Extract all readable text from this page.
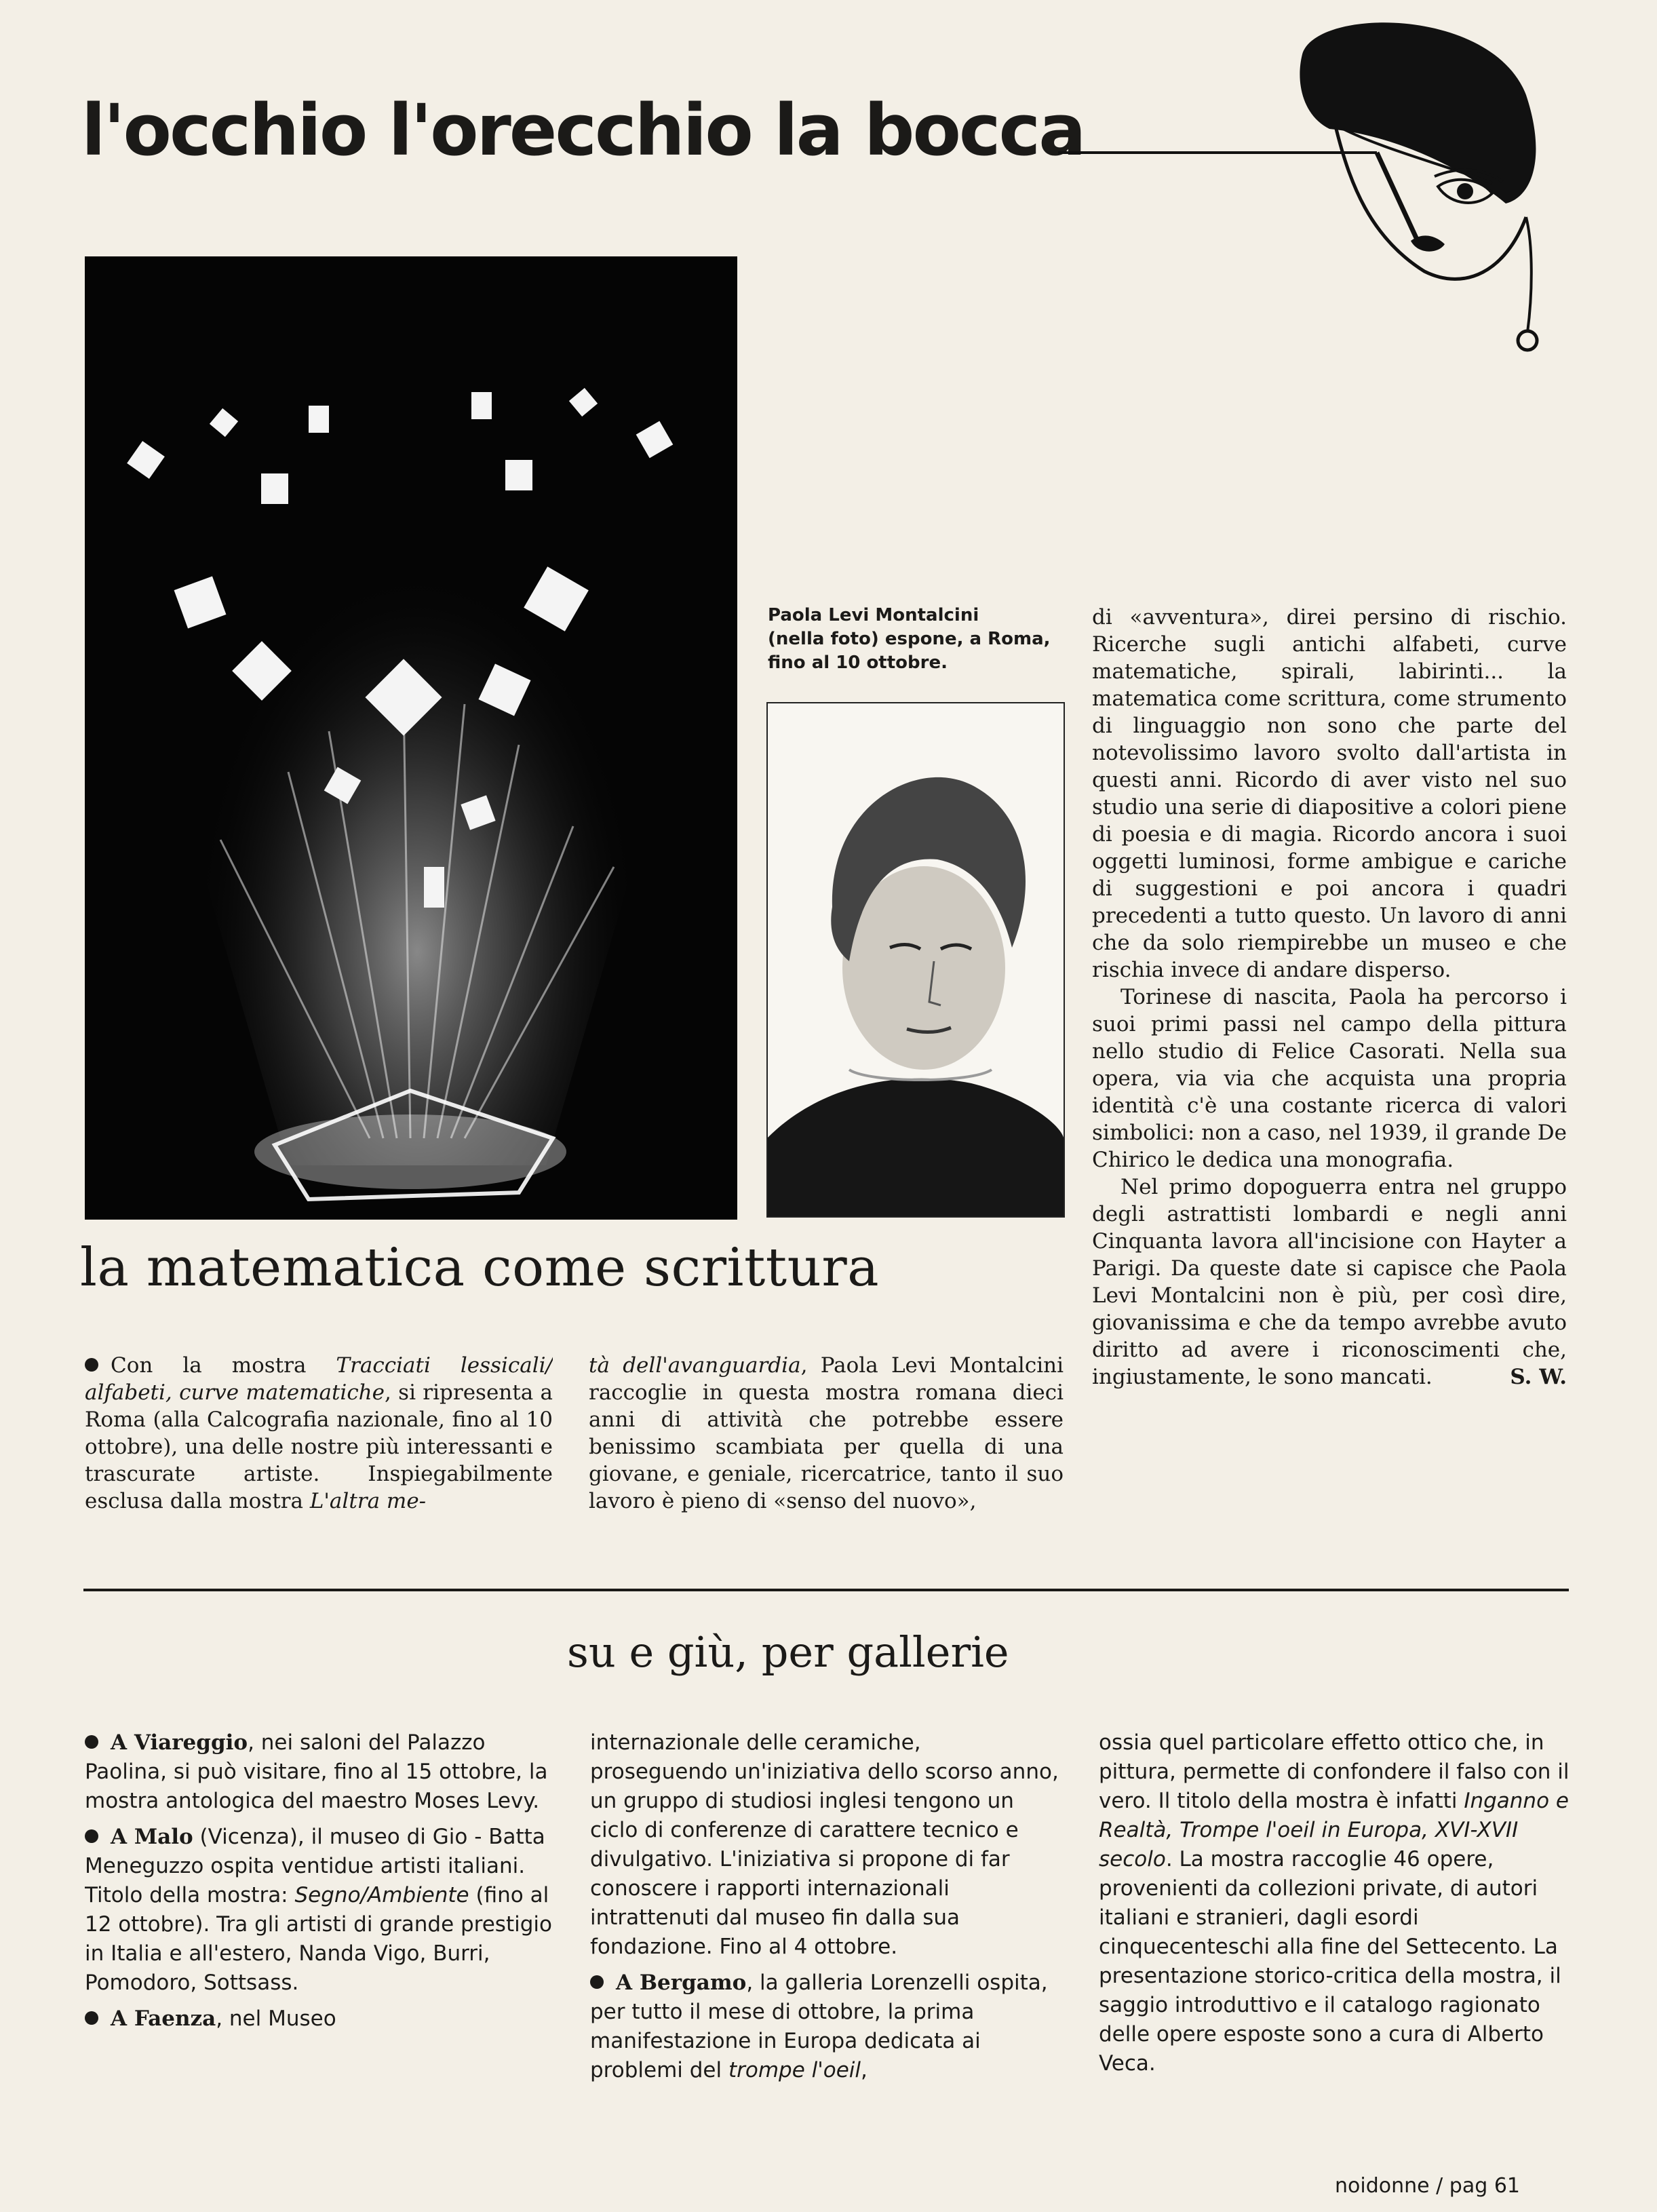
l'occhio l'orecchio la bocca
Paola Levi Montalcini
(nella foto) espone, a Roma,
fino al 10 ottobre.

di «avventura», direi persino di rischio. Ricerche sugli antichi alfabeti, curve matematiche, spirali, labirinti... la matematica come scrittura, come strumento di linguaggio non sono che parte del notevolissimo lavoro svolto dall'artista in questi anni. Ricordo di aver visto nel suo studio una serie di diapositive a colori piene di poesia e di magia. Ricordo ancora i suoi oggetti luminosi, forme ambigue e cariche di suggestioni e poi ancora i quadri precedenti a tutto questo. Un lavoro di anni che da solo riempirebbe un museo e che rischia invece di andare disperso.

Torinese di nascita, Paola ha percorso i suoi primi passi nel campo della pittura nello studio di Felice Casorati. Nella sua opera, via via che acquista una propria identità c'è una costante ricerca di valori simbolici: non a caso, nel 1939, il grande De Chirico le dedica una monografia.

Nel primo dopoguerra entra nel gruppo degli astrattisti lombardi e negli anni Cinquanta lavora all'incisione con Hayter a Parigi. Da queste date si capisce che Paola Levi Montalcini non è più, per così dire, giovanissima e che da tempo avrebbe avuto diritto ad avere i riconoscimenti che, ingiustamente, le sono mancati.	S. W.

la matematica come scrittura

Con la mostra Tracciati lessicali/ alfabeti, curve matematiche, si ripresenta a Roma (alla Calcografia nazionale, fino al 10 ottobre), una delle nostre più interessanti e trascurate artiste. Inspiegabilmente esclusa dalla mostra L'altra me-

tà dell'avanguardia, Paola Levi Montalcini raccoglie in questa mostra romana dieci anni di attività che potrebbe essere benissimo scambiata per quella di una giovane, e geniale, ricercatrice, tanto il suo lavoro è pieno di «senso del nuovo»,

su e giù, per gallerie

A Viareggio, nei saloni del Palazzo Paolina, si può visitare, fino al 15 ottobre, la mostra antologica del maestro Moses Levy.

A Malo (Vicenza), il museo di Gio - Batta Meneguzzo ospita ventidue artisti italiani. Titolo della mostra: Segno/Ambiente (fino al 12 ottobre). Tra gli artisti di grande prestigio in Italia e all'estero, Nanda Vigo, Burri, Pomodoro, Sottsass.

A Faenza, nel Museo

internazionale delle ceramiche, proseguendo un'iniziativa dello scorso anno, un gruppo di studiosi inglesi tengono un ciclo di conferenze di carattere tecnico e divulgativo. L'iniziativa si propone di far conoscere i rapporti internazionali intrattenuti dal museo fin dalla sua fondazione. Fino al 4 ottobre.

A Bergamo, la galleria Lorenzelli ospita, per tutto il mese di ottobre, la prima manifestazione in Europa dedicata ai problemi del trompe l'oeil,

ossia quel particolare effetto ottico che, in pittura, permette di confondere il falso con il vero. Il titolo della mostra è infatti Inganno e Realtà, Trompe l'oeil in Europa, XVI-XVII secolo. La mostra raccoglie 46 opere, provenienti da collezioni private, di autori italiani e stranieri, dagli esordi cinquecenteschi alla fine del Settecento. La presentazione storico-critica della mostra, il saggio introduttivo e il catalogo ragionato delle opere esposte sono a cura di Alberto Veca.

noidonne / pag 61
